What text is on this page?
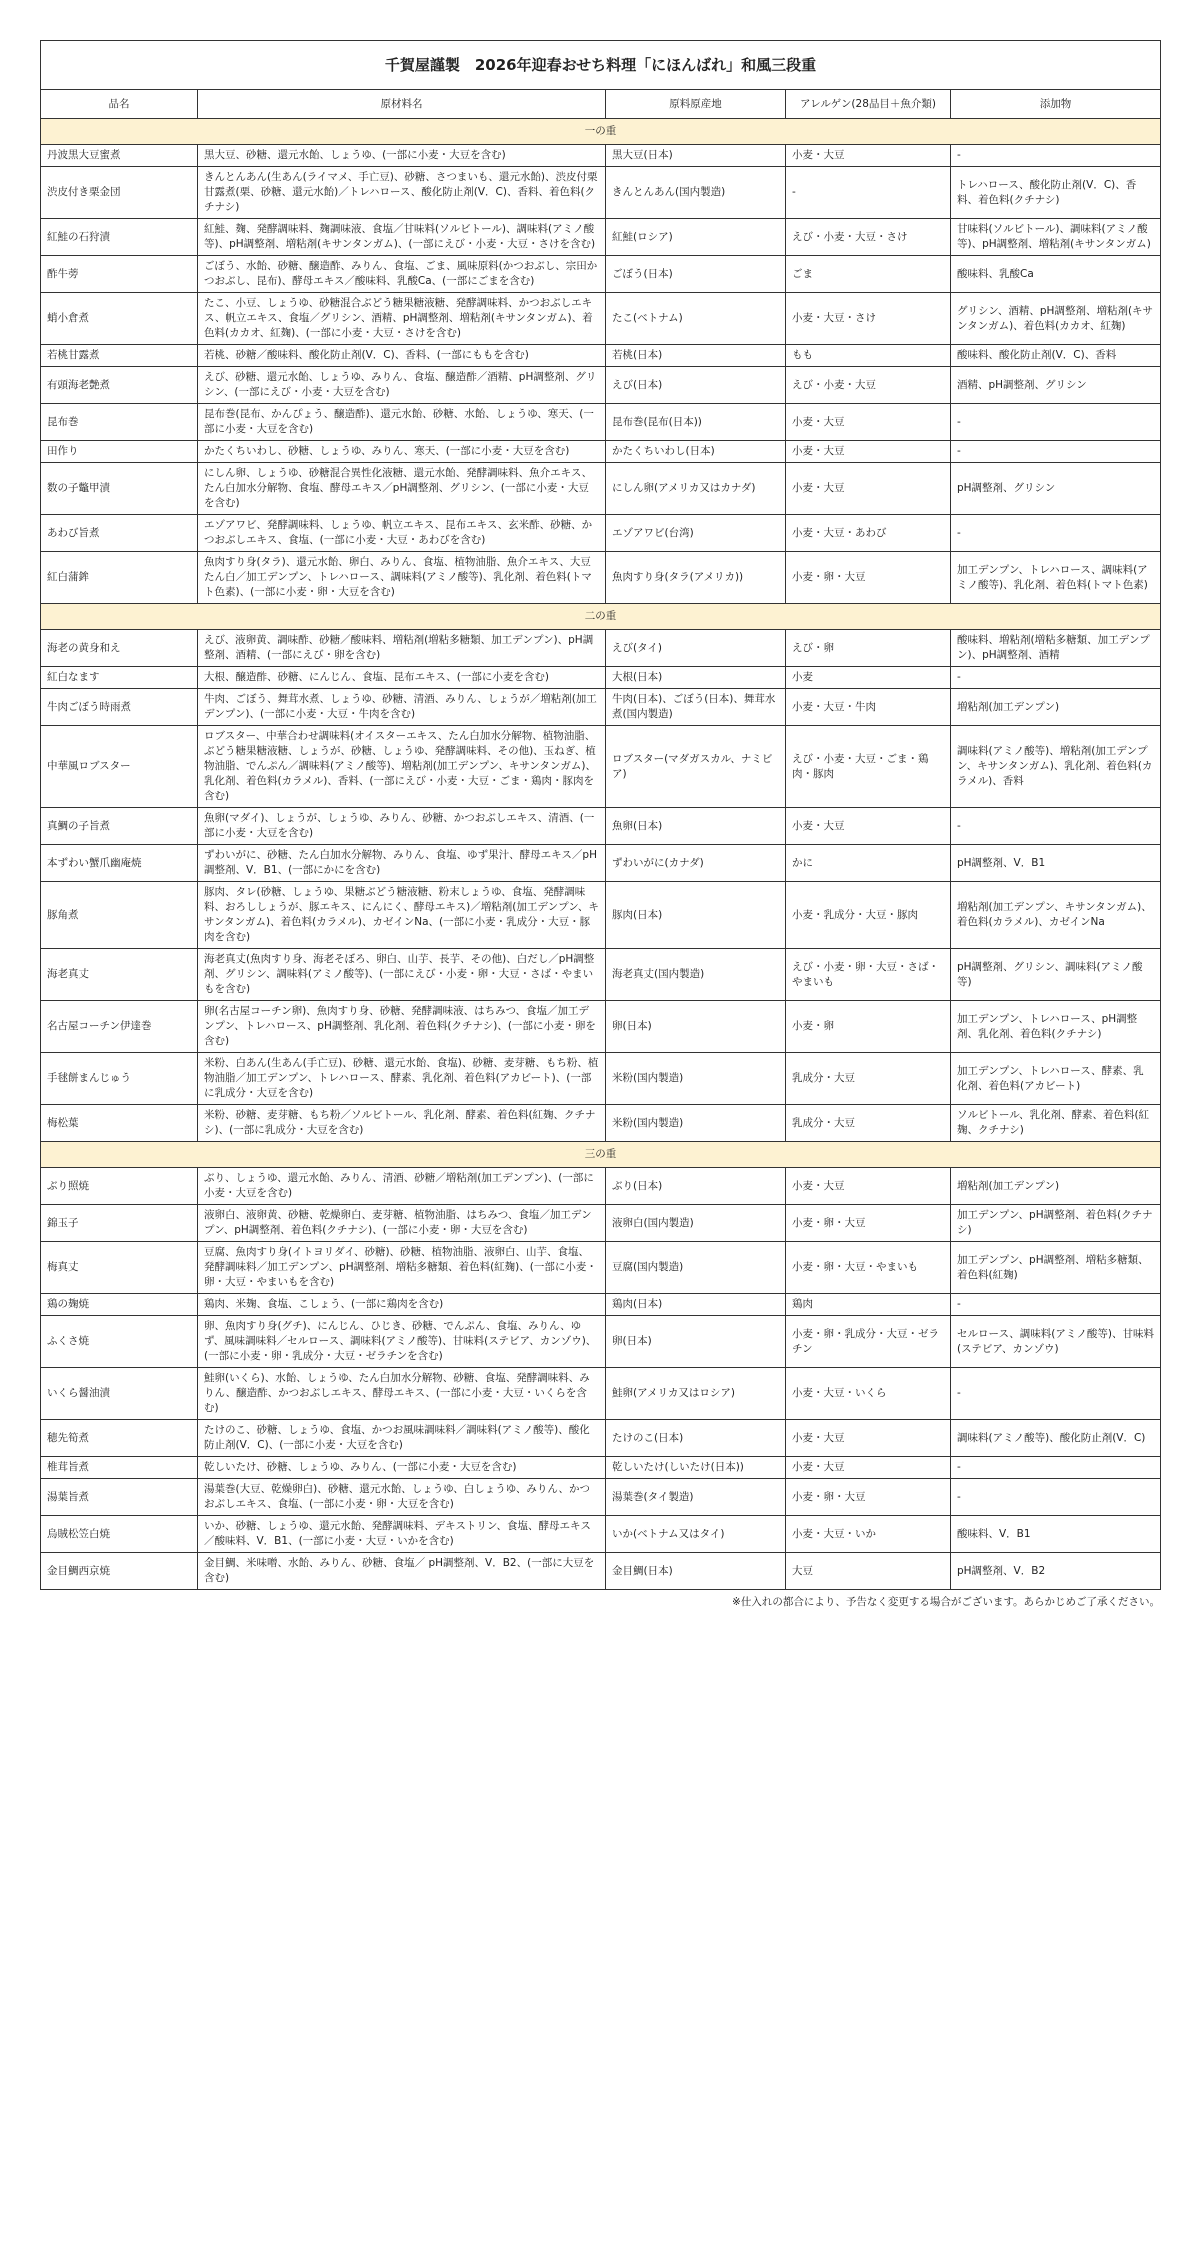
千賀屋謹製　2026年迎春おせち料理「にほんばれ」和風三段重				
品名	原材料名	原料原産地	アレルゲン(28品目＋魚介類)	添加物
一の重				
丹波黒大豆蜜煮	黒大豆、砂糖、還元水飴、しょうゆ、(一部に小麦・大豆を含む)	黒大豆(日本)	小麦・大豆	-
渋皮付き栗金団	きんとんあん(生あん(ライマメ、手亡豆)、砂糖、さつまいも、還元水飴)、渋皮付栗甘露煮(栗、砂糖、還元水飴)／トレハロース、酸化防止剤(V．C)、香料、着色料(クチナシ)	きんとんあん(国内製造)	-	トレハロース、酸化防止剤(V．C)、香料、着色料(クチナシ)
紅鮭の石狩漬	紅鮭、麹、発酵調味料、麹調味液、食塩／甘味料(ソルビトール)、調味料(アミノ酸等)、pH調整剤、増粘剤(キサンタンガム)、(一部にえび・小麦・大豆・さけを含む)	紅鮭(ロシア)	えび・小麦・大豆・さけ	甘味料(ソルビトール)、調味料(アミノ酸等)、pH調整剤、増粘剤(キサンタンガム)
酢牛蒡	ごぼう、水飴、砂糖、醸造酢、みりん、食塩、ごま、風味原料(かつおぶし、宗田かつおぶし、昆布)、酵母エキス／酸味料、乳酸Ca、(一部にごまを含む)	ごぼう(日本)	ごま	酸味料、乳酸Ca
蛸小倉煮	たこ、小豆、しょうゆ、砂糖混合ぶどう糖果糖液糖、発酵調味料、かつおぶしエキス、帆立エキス、食塩／グリシン、酒精、pH調整剤、増粘剤(キサンタンガム)、着色料(カカオ、紅麹)、(一部に小麦・大豆・さけを含む)	たこ(ベトナム)	小麦・大豆・さけ	グリシン、酒精、pH調整剤、増粘剤(キサンタンガム)、着色料(カカオ、紅麹)
若桃甘露煮	若桃、砂糖／酸味料、酸化防止剤(V．C)、香料、(一部にももを含む)	若桃(日本)	もも	酸味料、酸化防止剤(V．C)、香料
有頭海老艶煮	えび、砂糖、還元水飴、しょうゆ、みりん、食塩、醸造酢／酒精、pH調整剤、グリシン、(一部にえび・小麦・大豆を含む)	えび(日本)	えび・小麦・大豆	酒精、pH調整剤、グリシン
昆布巻	昆布巻(昆布、かんぴょう、醸造酢)、還元水飴、砂糖、水飴、しょうゆ、寒天、(一部に小麦・大豆を含む)	昆布巻(昆布(日本))	小麦・大豆	-
田作り	かたくちいわし、砂糖、しょうゆ、みりん、寒天、(一部に小麦・大豆を含む)	かたくちいわし(日本)	小麦・大豆	-
数の子鼈甲漬	にしん卵、しょうゆ、砂糖混合異性化液糖、還元水飴、発酵調味料、魚介エキス、たん白加水分解物、食塩、酵母エキス／pH調整剤、グリシン、(一部に小麦・大豆を含む)	にしん卵(アメリカ又はカナダ)	小麦・大豆	pH調整剤、グリシン
あわび旨煮	エゾアワビ、発酵調味料、しょうゆ、帆立エキス、昆布エキス、玄米酢、砂糖、かつおぶしエキス、食塩、(一部に小麦・大豆・あわびを含む)	エゾアワビ(台湾)	小麦・大豆・あわび	-
紅白蒲鉾	魚肉すり身(タラ)、還元水飴、卵白、みりん、食塩、植物油脂、魚介エキス、大豆たん白／加工デンプン、トレハロース、調味料(アミノ酸等)、乳化剤、着色料(トマト色素)、(一部に小麦・卵・大豆を含む)	魚肉すり身(タラ(アメリカ))	小麦・卵・大豆	加工デンプン、トレハロース、調味料(アミノ酸等)、乳化剤、着色料(トマト色素)
二の重				
海老の黄身和え	えび、液卵黄、調味酢、砂糖／酸味料、増粘剤(増粘多糖類、加工デンプン)、pH調整剤、酒精、(一部にえび・卵を含む)	えび(タイ)	えび・卵	酸味料、増粘剤(増粘多糖類、加工デンプン)、pH調整剤、酒精
紅白なます	大根、醸造酢、砂糖、にんじん、食塩、昆布エキス、(一部に小麦を含む)	大根(日本)	小麦	-
牛肉ごぼう時雨煮	牛肉、ごぼう、舞茸水煮、しょうゆ、砂糖、清酒、みりん、しょうが／増粘剤(加工デンプン)、(一部に小麦・大豆・牛肉を含む)	牛肉(日本)、ごぼう(日本)、舞茸水煮(国内製造)	小麦・大豆・牛肉	増粘剤(加工デンプン)
中華風ロブスター	ロブスター、中華合わせ調味料(オイスターエキス、たん白加水分解物、植物油脂、ぶどう糖果糖液糖、しょうが、砂糖、しょうゆ、発酵調味料、その他)、玉ねぎ、植物油脂、でんぷん／調味料(アミノ酸等)、増粘剤(加工デンプン、キサンタンガム)、乳化剤、着色料(カラメル)、香料、(一部にえび・小麦・大豆・ごま・鶏肉・豚肉を含む)	ロブスター(マダガスカル、ナミビア)	えび・小麦・大豆・ごま・鶏肉・豚肉	調味料(アミノ酸等)、増粘剤(加工デンプン、キサンタンガム)、乳化剤、着色料(カラメル)、香料
真鯛の子旨煮	魚卵(マダイ)、しょうが、しょうゆ、みりん、砂糖、かつおぶしエキス、清酒、(一部に小麦・大豆を含む)	魚卵(日本)	小麦・大豆	-
本ずわい蟹爪幽庵焼	ずわいがに、砂糖、たん白加水分解物、みりん、食塩、ゆず果汁、酵母エキス／pH調整剤、V．B1、(一部にかにを含む)	ずわいがに(カナダ)	かに	pH調整剤、V．B1
豚角煮	豚肉、タレ(砂糖、しょうゆ、果糖ぶどう糖液糖、粉末しょうゆ、食塩、発酵調味料、おろししょうが、豚エキス、にんにく、酵母エキス)／増粘剤(加工デンプン、キサンタンガム)、着色料(カラメル)、カゼインNa、(一部に小麦・乳成分・大豆・豚肉を含む)	豚肉(日本)	小麦・乳成分・大豆・豚肉	増粘剤(加工デンプン、キサンタンガム)、着色料(カラメル)、カゼインNa
海老真丈	海老真丈(魚肉すり身、海老そぼろ、卵白、山芋、長芋、その他)、白だし／pH調整剤、グリシン、調味料(アミノ酸等)、(一部にえび・小麦・卵・大豆・さば・やまいもを含む)	海老真丈(国内製造)	えび・小麦・卵・大豆・さば・やまいも	pH調整剤、グリシン、調味料(アミノ酸等)
名古屋コーチン伊達巻	卵(名古屋コーチン卵)、魚肉すり身、砂糖、発酵調味液、はちみつ、食塩／加工デンプン、トレハロース、pH調整剤、乳化剤、着色料(クチナシ)、(一部に小麦・卵を含む)	卵(日本)	小麦・卵	加工デンプン、トレハロース、pH調整剤、乳化剤、着色料(クチナシ)
手毬餅まんじゅう	米粉、白あん(生あん(手亡豆)、砂糖、還元水飴、食塩)、砂糖、麦芽糖、もち粉、植物油脂／加工デンプン、トレハロース、酵素、乳化剤、着色料(アカビート)、(一部に乳成分・大豆を含む)	米粉(国内製造)	乳成分・大豆	加工デンプン、トレハロース、酵素、乳化剤、着色料(アカビート)
梅松葉	米粉、砂糖、麦芽糖、もち粉／ソルビトール、乳化剤、酵素、着色料(紅麹、クチナシ)、(一部に乳成分・大豆を含む)	米粉(国内製造)	乳成分・大豆	ソルビトール、乳化剤、酵素、着色料(紅麹、クチナシ)
三の重				
ぶり照焼	ぶり、しょうゆ、還元水飴、みりん、清酒、砂糖／増粘剤(加工デンプン)、(一部に小麦・大豆を含む)	ぶり(日本)	小麦・大豆	増粘剤(加工デンプン)
錦玉子	液卵白、液卵黄、砂糖、乾燥卵白、麦芽糖、植物油脂、はちみつ、食塩／加工デンプン、pH調整剤、着色料(クチナシ)、(一部に小麦・卵・大豆を含む)	液卵白(国内製造)	小麦・卵・大豆	加工デンプン、pH調整剤、着色料(クチナシ)
梅真丈	豆腐、魚肉すり身(イトヨリダイ、砂糖)、砂糖、植物油脂、液卵白、山芋、食塩、発酵調味料／加工デンプン、pH調整剤、増粘多糖類、着色料(紅麹)、(一部に小麦・卵・大豆・やまいもを含む)	豆腐(国内製造)	小麦・卵・大豆・やまいも	加工デンプン、pH調整剤、増粘多糖類、着色料(紅麹)
鶏の麹焼	鶏肉、米麹、食塩、こしょう、(一部に鶏肉を含む)	鶏肉(日本)	鶏肉	-
ふくさ焼	卵、魚肉すり身(グチ)、にんじん、ひじき、砂糖、でんぷん、食塩、みりん、ゆず、風味調味料／セルロース、調味料(アミノ酸等)、甘味料(ステビア、カンゾウ)、(一部に小麦・卵・乳成分・大豆・ゼラチンを含む)	卵(日本)	小麦・卵・乳成分・大豆・ゼラチン	セルロース、調味料(アミノ酸等)、甘味料(ステビア、カンゾウ)
いくら醤油漬	鮭卵(いくら)、水飴、しょうゆ、たん白加水分解物、砂糖、食塩、発酵調味料、みりん、醸造酢、かつおぶしエキス、酵母エキス、(一部に小麦・大豆・いくらを含む)	鮭卵(アメリカ又はロシア)	小麦・大豆・いくら	-
穂先筍煮	たけのこ、砂糖、しょうゆ、食塩、かつお風味調味料／調味料(アミノ酸等)、酸化防止剤(V．C)、(一部に小麦・大豆を含む)	たけのこ(日本)	小麦・大豆	調味料(アミノ酸等)、酸化防止剤(V．C)
椎茸旨煮	乾しいたけ、砂糖、しょうゆ、みりん、(一部に小麦・大豆を含む)	乾しいたけ(しいたけ(日本))	小麦・大豆	-
湯葉旨煮	湯葉巻(大豆、乾燥卵白)、砂糖、還元水飴、しょうゆ、白しょうゆ、みりん、かつおぶしエキス、食塩、(一部に小麦・卵・大豆を含む)	湯葉巻(タイ製造)	小麦・卵・大豆	-
烏賊松笠白焼	いか、砂糖、しょうゆ、還元水飴、発酵調味料、デキストリン、食塩、酵母エキス／酸味料、V．B1、(一部に小麦・大豆・いかを含む)	いか(ベトナム又はタイ)	小麦・大豆・いか	酸味料、V．B1
金目鯛西京焼	金目鯛、米味噌、水飴、みりん、砂糖、食塩／ pH調整剤、V．B2、(一部に大豆を含む)	金目鯛(日本)	大豆	pH調整剤、V．B2
※仕入れの都合により、予告なく変更する場合がございます。あらかじめご了承ください。
